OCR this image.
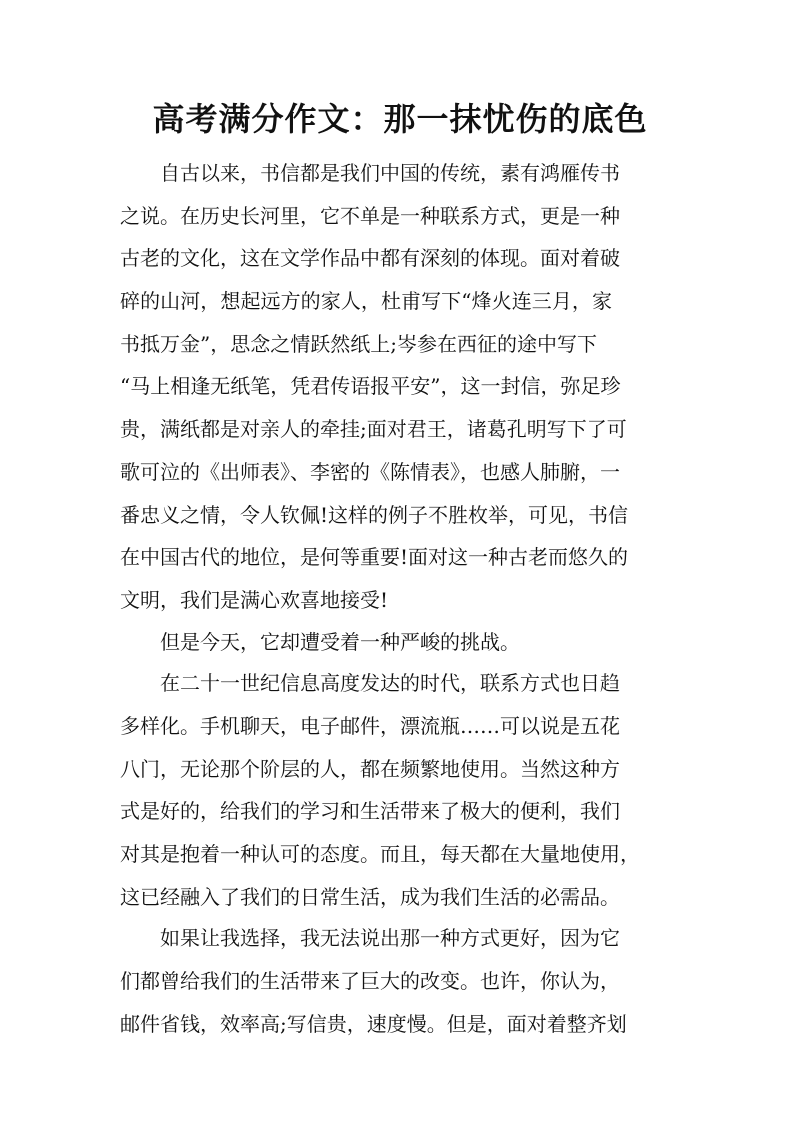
高考满分作文：那一抹忧伤的底色
自古以来，书信都是我们中国的传统，素有鸿雁传书
之说。在历史长河里，它不单是一种联系方式，更是一种
古老的文化，这在文学作品中都有深刻的体现。面对着破
碎的山河，想起远方的家人，杜甫写下“烽火连三月，家
书抵万金”，思念之情跃然纸上;岑参在西征的途中写下
“马上相逢无纸笔，凭君传语报平安”，这一封信，弥足珍
贵，满纸都是对亲人的牵挂;面对君王，诸葛孔明写下了可
歌可泣的《出师表》、李密的《陈情表》，也感人肺腑，一
番忠义之情，令人钦佩!这样的例子不胜枚举，可见，书信
在中国古代的地位，是何等重要!面对这一种古老而悠久的
文明，我们是满心欢喜地接受!
但是今天，它却遭受着一种严峻的挑战。
在二十一世纪信息高度发达的时代，联系方式也日趋
多样化。手机聊天，电子邮件，漂流瓶……可以说是五花
八门，无论那个阶层的人，都在频繁地使用。当然这种方
式是好的，给我们的学习和生活带来了极大的便利，我们
对其是抱着一种认可的态度。而且，每天都在大量地使用，
这已经融入了我们的日常生活，成为我们生活的必需品。
如果让我选择，我无法说出那一种方式更好，因为它
们都曾给我们的生活带来了巨大的改变。也许，你认为，
邮件省钱，效率高;写信贵，速度慢。但是，面对着整齐划
